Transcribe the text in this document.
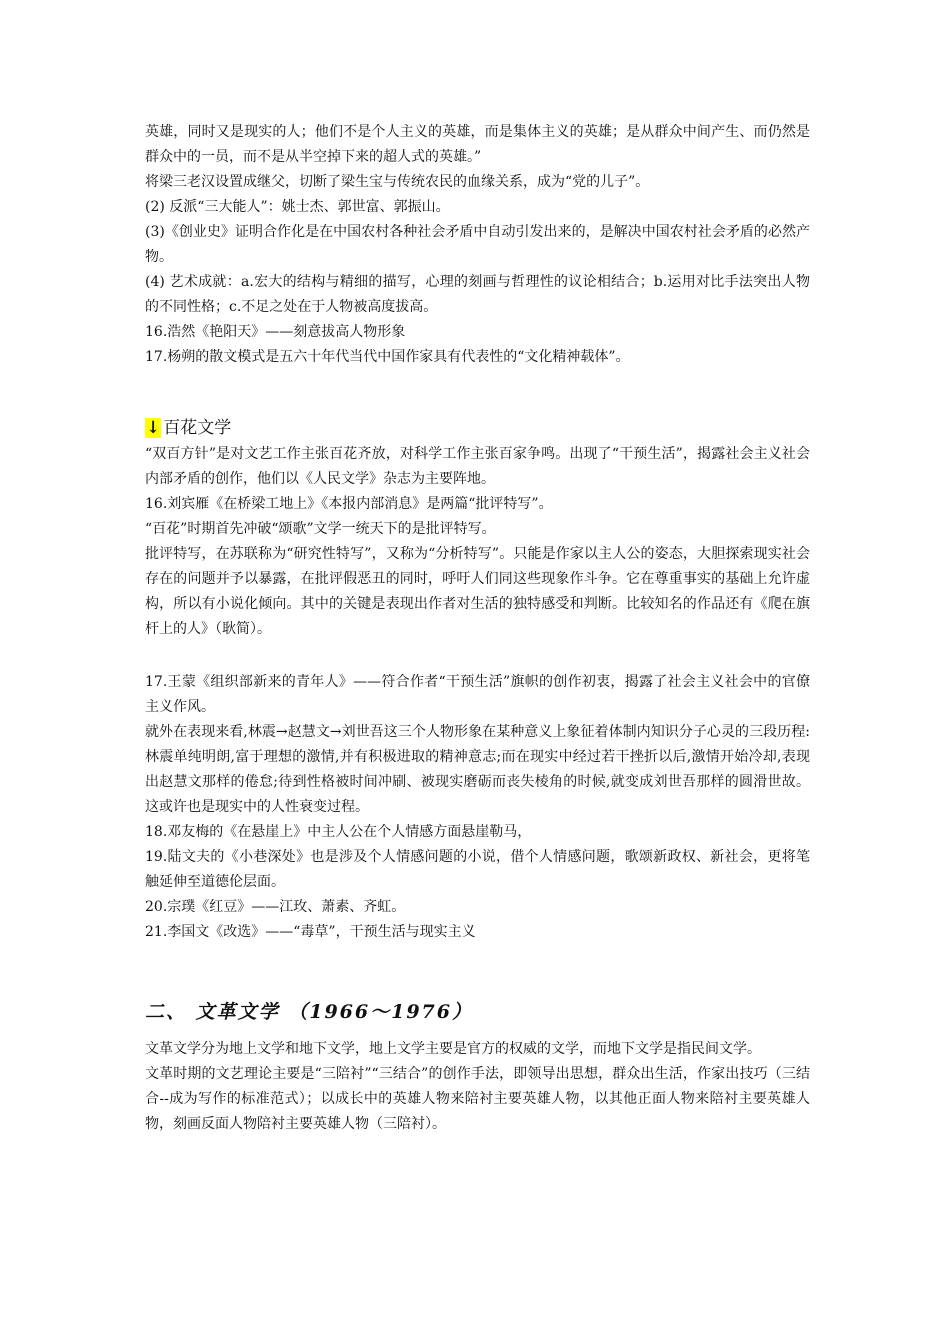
英雄，同时又是现实的人；他们不是个人主义的英雄，而是集体主义的英雄；是从群众中间产生、而仍然是群众中的一员，而不是从半空掉下来的超人式的英雄。”

将梁三老汉设置成继父，切断了梁生宝与传统农民的血缘关系，成为“党的儿子”。

(2) 反派“三大能人”：姚士杰、郭世富、郭振山。

(3)《创业史》证明合作化是在中国农村各种社会矛盾中自动引发出来的，是解决中国农村社会矛盾的必然产物。

(4) 艺术成就：a.宏大的结构与精细的描写，心理的刻画与哲理性的议论相结合；b.运用对比手法突出人物的不同性格；c.不足之处在于人物被高度拔高。

16.浩然《艳阳天》——刻意拔高人物形象

17.杨朔的散文模式是五六十年代当代中国作家具有代表性的“文化精神载体”。

↓ 百花文学

“双百方针”是对文艺工作主张百花齐放，对科学工作主张百家争鸣。出现了“干预生活”，揭露社会主义社会内部矛盾的创作，他们以《人民文学》杂志为主要阵地。

16.刘宾雁《在桥梁工地上》《本报内部消息》是两篇“批评特写”。

“百花”时期首先冲破“颂歌”文学一统天下的是批评特写。

批评特写，在苏联称为“研究性特写”，又称为“分析特写”。只能是作家以主人公的姿态，大胆探索现实社会存在的问题并予以暴露，在批评假恶丑的同时，呼吁人们同这些现象作斗争。它在尊重事实的基础上允许虚构，所以有小说化倾向。其中的关键是表现出作者对生活的独特感受和判断。比较知名的作品还有《爬在旗杆上的人》（耿简）。

17.王蒙《组织部新来的青年人》——符合作者“干预生活”旗帜的创作初衷，揭露了社会主义社会中的官僚主义作风。

就外在表现来看,林震→赵慧文→刘世吾这三个人物形象在某种意义上象征着体制内知识分子心灵的三段历程:林震单纯明朗,富于理想的激情,并有积极进取的精神意志;而在现实中经过若干挫折以后,激情开始冷却,表现出赵慧文那样的倦怠;待到性格被时间冲刷、被现实磨砺而丧失棱角的时候,就变成刘世吾那样的圆滑世故。这或许也是现实中的人性衰变过程。

18.邓友梅的《在悬崖上》中主人公在个人情感方面悬崖勒马，

19.陆文夫的《小巷深处》也是涉及个人情感问题的小说，借个人情感问题，歌颂新政权、新社会，更将笔触延伸至道德伦层面。

20.宗璞《红豆》——江玫、萧素、齐虹。

21.李国文《改选》——“毒草”，干预生活与现实主义

二、 文革文学 （1966～1976）

文革文学分为地上文学和地下文学，地上文学主要是官方的权威的文学，而地下文学是指民间文学。

文革时期的文艺理论主要是“三陪衬”“三结合”的创作手法，即领导出思想，群众出生活，作家出技巧（三结合--成为写作的标准范式）；以成长中的英雄人物来陪衬主要英雄人物，以其他正面人物来陪衬主要英雄人物，刻画反面人物陪衬主要英雄人物（三陪衬）。
